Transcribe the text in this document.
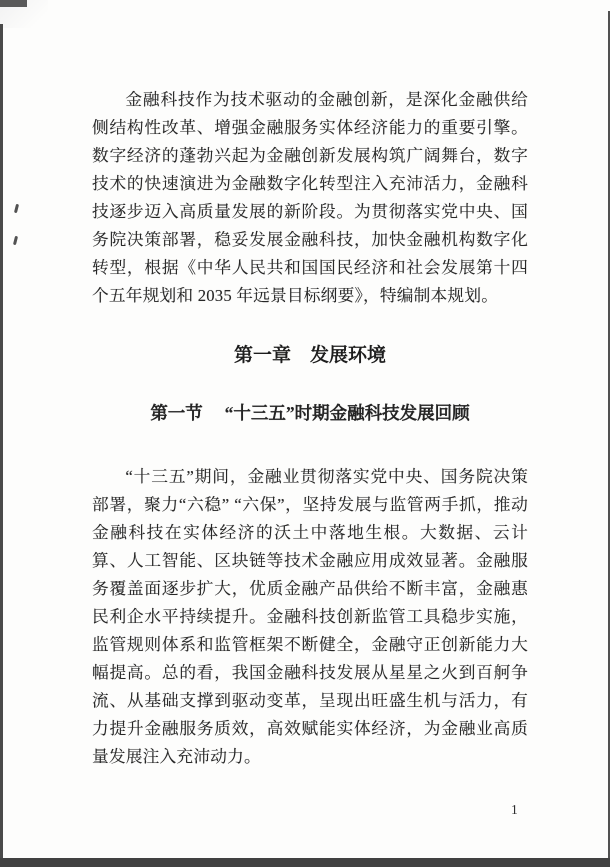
金融科技作为技术驱动的金融创新，是深化金融供给侧结构性改革、增强金融服务实体经济能力的重要引擎。数字经济的蓬勃兴起为金融创新发展构筑广阔舞台，数字技术的快速演进为金融数字化转型注入充沛活力，金融科技逐步迈入高质量发展的新阶段。为贯彻落实党中央、国务院决策部署，稳妥发展金融科技，加快金融机构数字化转型，根据《中华人民共和国国民经济和社会发展第十四个五年规划和 2035 年远景目标纲要》，特编制本规划。

第一章　发展环境
第一节　 “十三五”时期金融科技发展回顾

“十三五”期间，金融业贯彻落实党中央、国务院决策部署，聚力“六稳” “六保”，坚持发展与监管两手抓，推动金融科技在实体经济的沃土中落地生根。大数据、云计算、人工智能、区块链等技术金融应用成效显著。金融服务覆盖面逐步扩大，优质金融产品供给不断丰富，金融惠民利企水平持续提升。金融科技创新监管工具稳步实施，监管规则体系和监管框架不断健全，金融守正创新能力大幅提高。总的看，我国金融科技发展从星星之火到百舸争流、从基础支撑到驱动变革，呈现出旺盛生机与活力，有力提升金融服务质效，高效赋能实体经济，为金融业高质量发展注入充沛动力。

1
